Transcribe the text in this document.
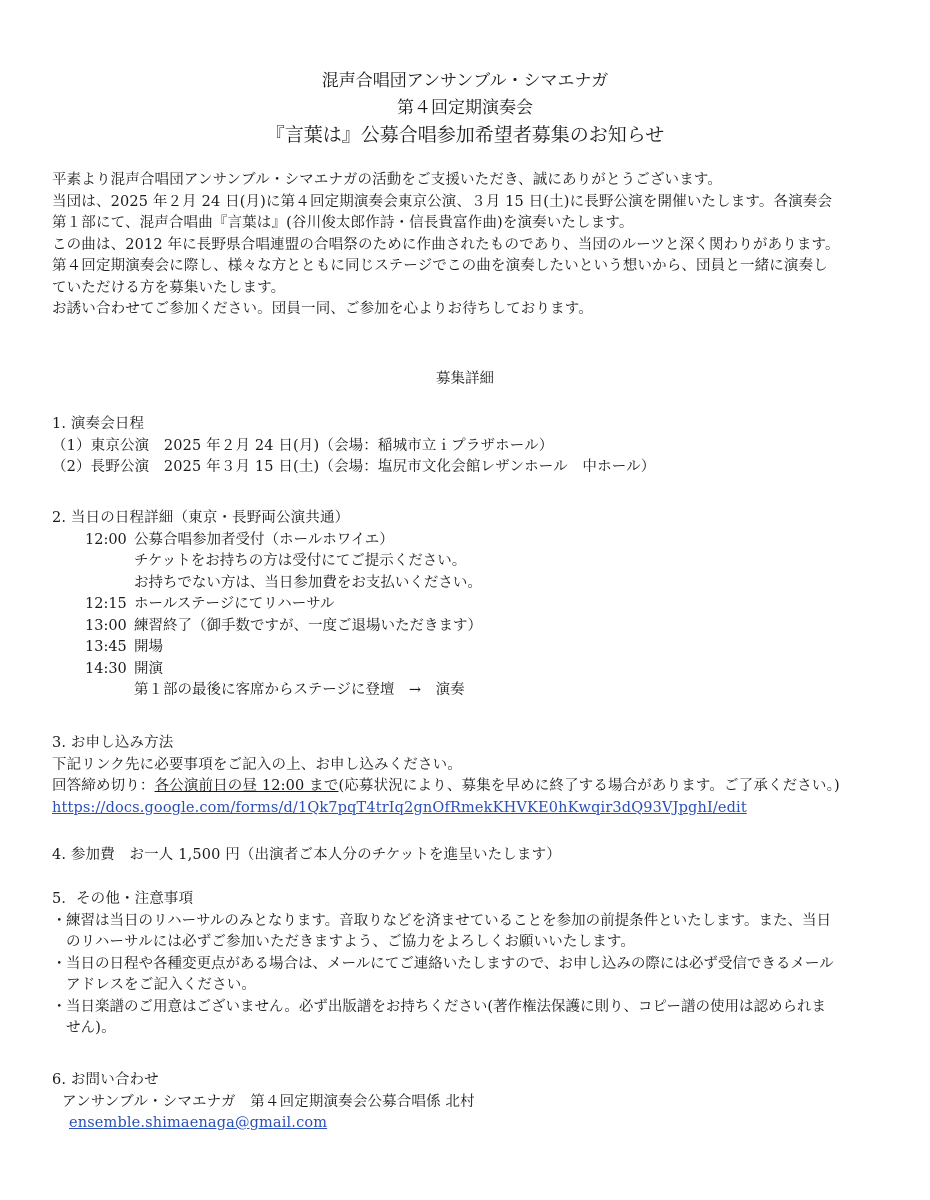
混声合唱団アンサンブル・シマエナガ
第４回定期演奏会
『言葉は』公募合唱参加希望者募集のお知らせ
平素より混声合唱団アンサンブル・シマエナガの活動をご支援いただき、誠にありがとうございます。
当団は、2025 年２月 24 日(月)に第４回定期演奏会東京公演、３月 15 日(土)に長野公演を開催いたします。各演奏会
第１部にて、混声合唱曲『言葉は』(谷川俊太郎作詩・信長貴富作曲)を演奏いたします。
この曲は、2012 年に長野県合唱連盟の合唱祭のために作曲されたものであり、当団のルーツと深く関わりがあります。
第４回定期演奏会に際し、様々な方とともに同じステージでこの曲を演奏したいという想いから、団員と一緒に演奏し
ていただける方を募集いたします。
お誘い合わせてご参加ください。団員一同、ご参加を心よりお待ちしております。
募集詳細
1. 演奏会日程
（1）東京公演　2025 年２月 24 日(月)（会場：稲城市立ｉプラザホール）
（2）長野公演　2025 年３月 15 日(土)（会場：塩尻市文化会館レザンホール　中ホール）
2. 当日の日程詳細（東京・長野両公演共通）
12:00 公募合唱参加者受付（ホールホワイエ）
チケットをお持ちの方は受付にてご提示ください。
お持ちでない方は、当日参加費をお支払いください。
12:15 ホールステージにてリハーサル
13:00 練習終了（御手数ですが、一度ご退場いただきます）
13:45 開場
14:30 開演
第１部の最後に客席からステージに登壇　→　演奏
3. お申し込み方法
下記リンク先に必要事項をご記入の上、お申し込みください。
回答締め切り：各公演前日の昼 12:00 まで(応募状況により、募集を早めに終了する場合があります。ご了承ください。)
https://docs.google.com/forms/d/1Qk7pqT4trIq2gnOfRmekKHVKE0hKwqir3dQ93VJpghI/edit
4. 参加費　お一人 1,500 円（出演者ご本人分のチケットを進呈いたします）
5．その他・注意事項
・ 練習は当日のリハーサルのみとなります。音取りなどを済ませていることを参加の前提条件といたします。また、当日
のリハーサルには必ずご参加いただきますよう、ご協力をよろしくお願いいたします。
・ 当日の日程や各種変更点がある場合は、メールにてご連絡いたしますので、お申し込みの際には必ず受信できるメール
アドレスをご記入ください。
・ 当日楽譜のご用意はございません。必ず出版譜をお持ちください(著作権法保護に則り、コピー譜の使用は認められま
せん)。
6. お問い合わせ
アンサンブル・シマエナガ　第４回定期演奏会公募合唱係 北村
ensemble.shimaenaga@gmail.com
